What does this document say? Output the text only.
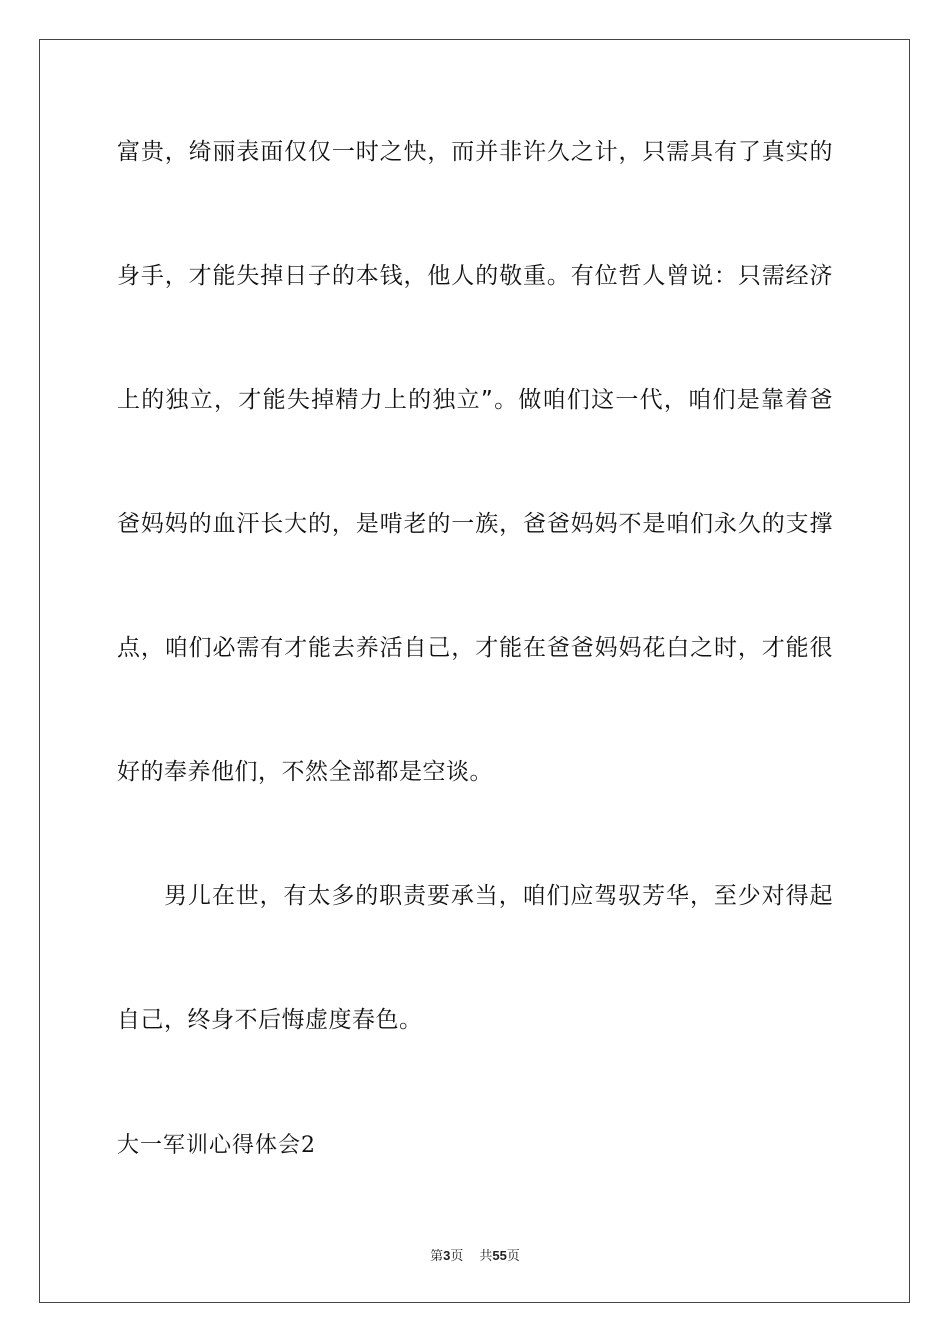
富贵，绮丽表面仅仅一时之快，而并非许久之计，只需具有了真实的
身手，才能失掉日子的本钱，他人的敬重。有位哲人曾说：只需经济
上的独立，才能失掉精力上的独立”。做咱们这一代，咱们是靠着爸
爸妈妈的血汗长大的，是啃老的一族，爸爸妈妈不是咱们永久的支撑
点，咱们必需有才能去养活自己，才能在爸爸妈妈花白之时，才能很
好的奉养他们，不然全部都是空谈。
男儿在世，有太多的职责要承当，咱们应驾驭芳华，至少对得起
自己，终身不后悔虚度春色。
大一军训心得体会2
第3页 共55页
